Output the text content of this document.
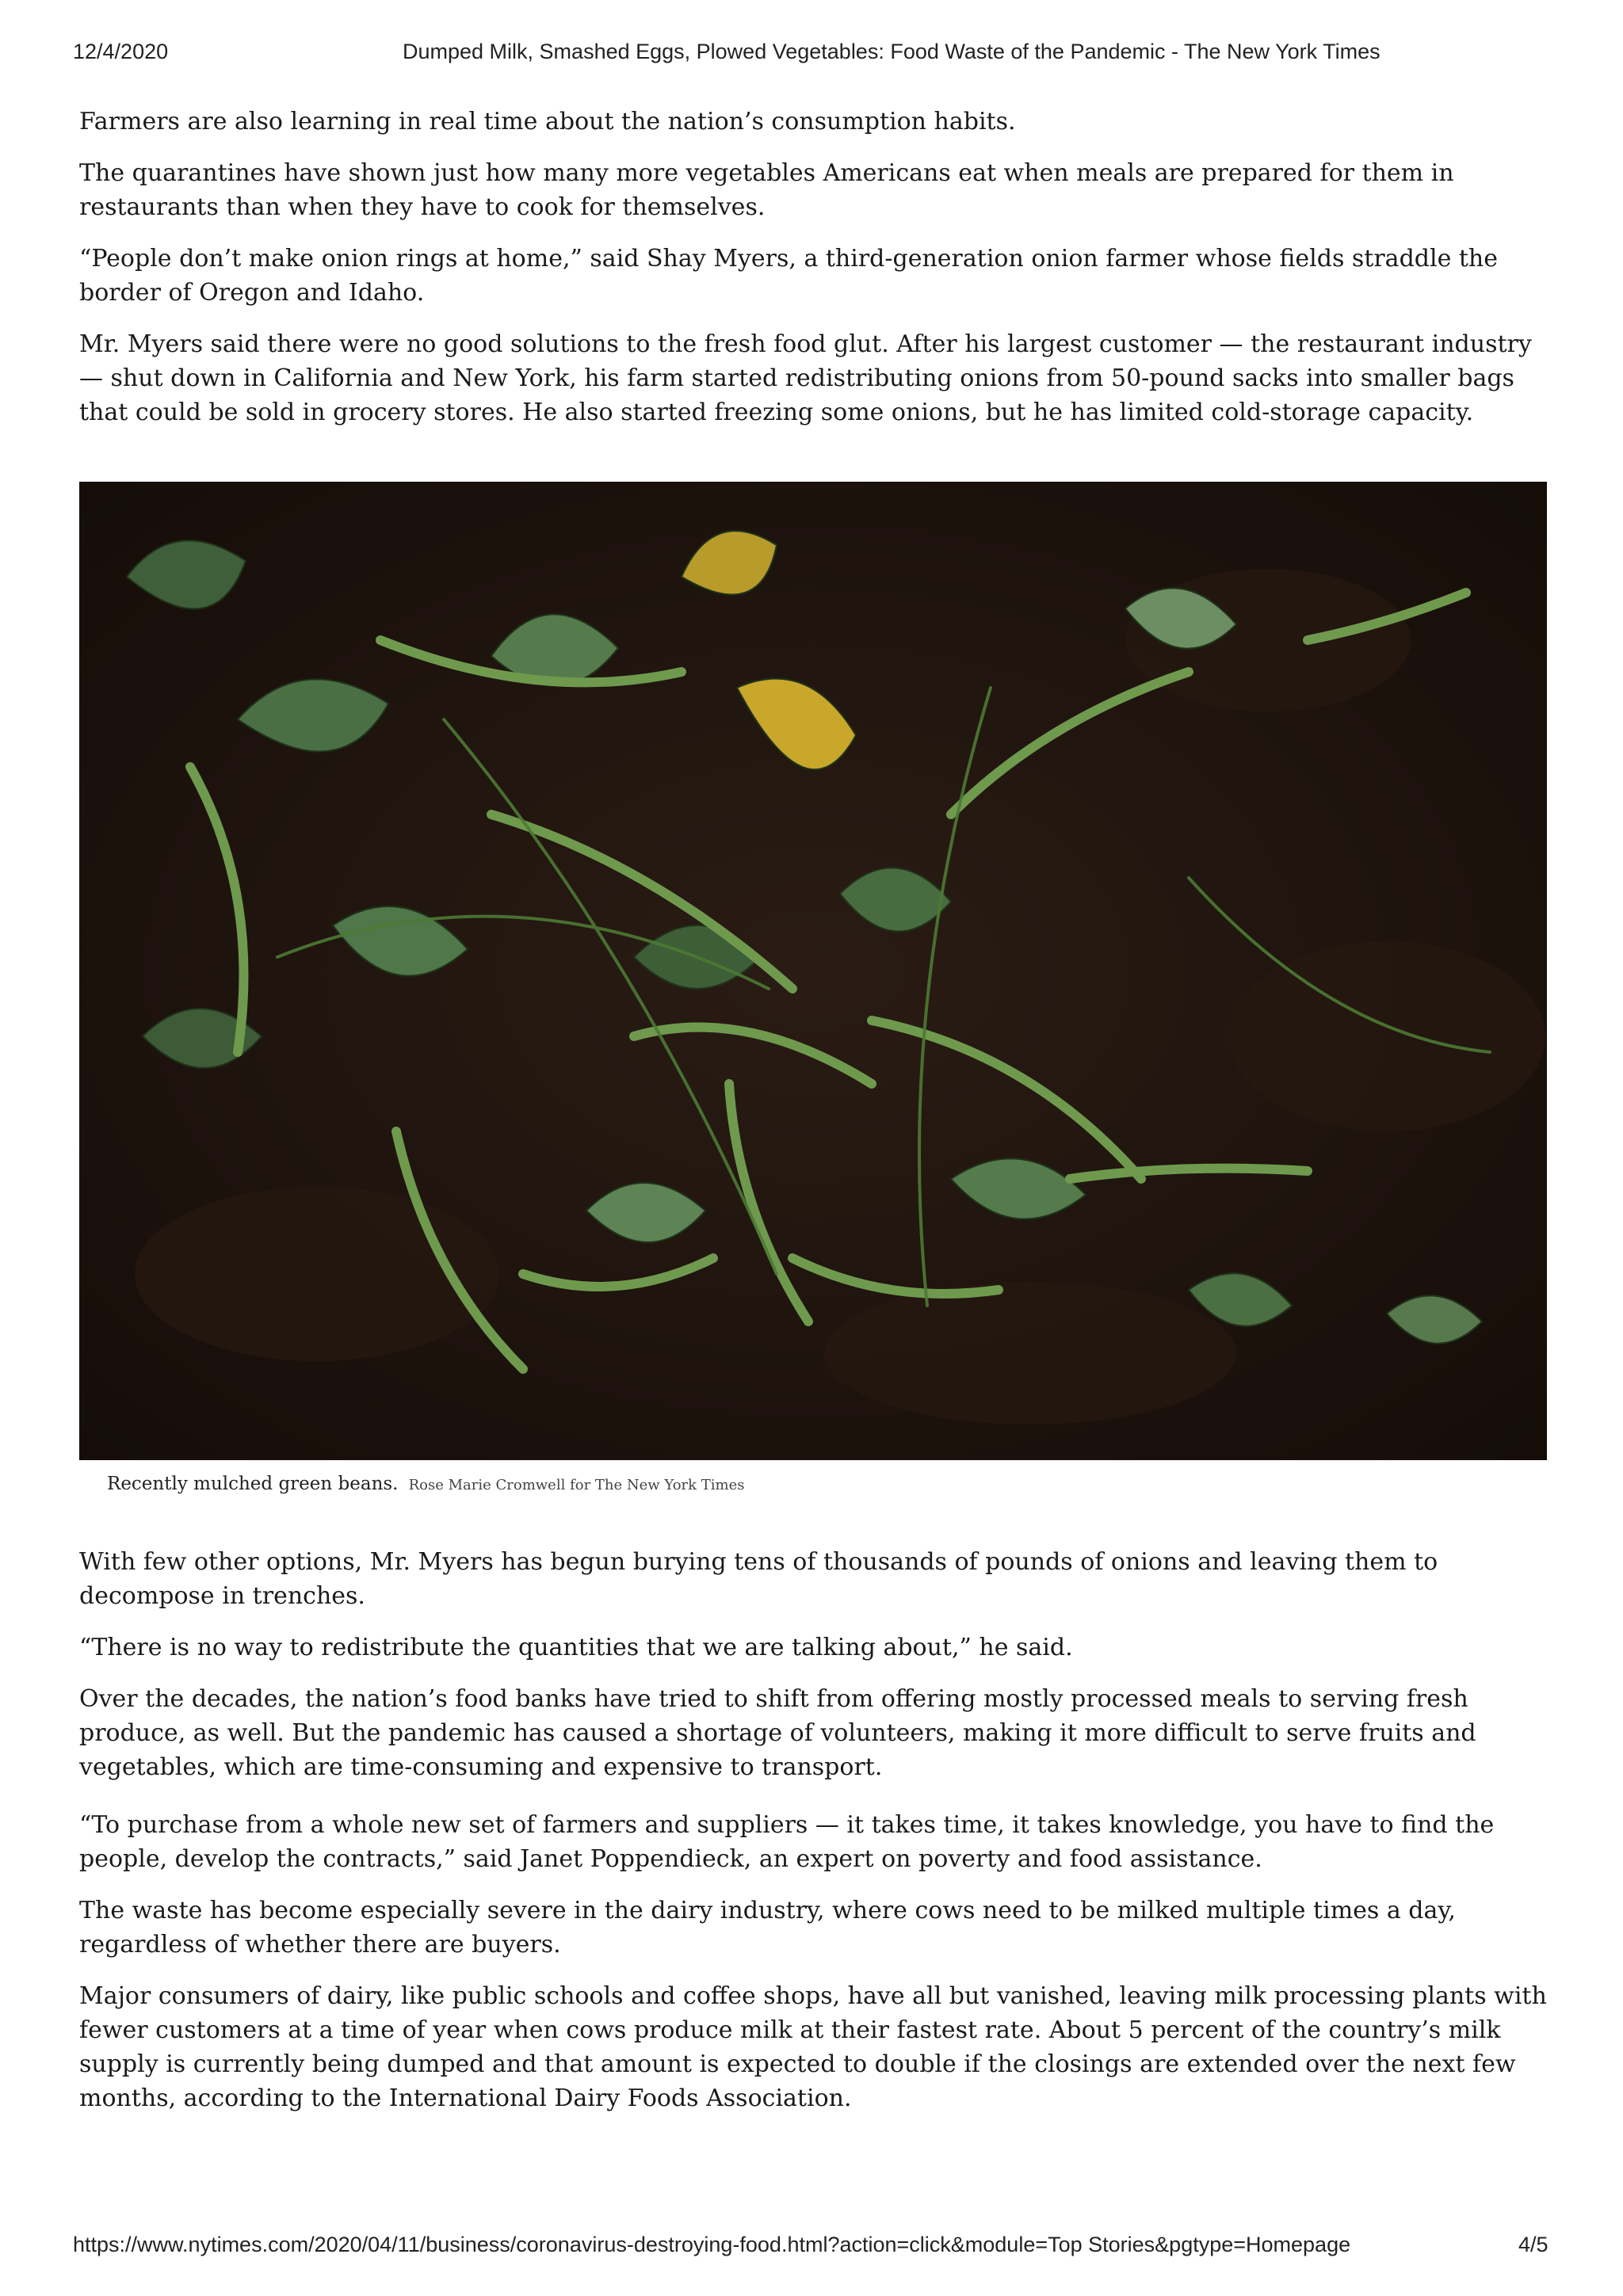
12/4/2020	Dumped Milk, Smashed Eggs, Plowed Vegetables: Food Waste of the Pandemic - The New York Times

Farmers are also learning in real time about the nation’s consumption habits.

The quarantines have shown just how many more vegetables Americans eat when meals are prepared for them in restaurants than when they have to cook for themselves.

“People don’t make onion rings at home,” said Shay Myers, a third-generation onion farmer whose fields straddle the border of Oregon and Idaho.

Mr. Myers said there were no good solutions to the fresh food glut. After his largest customer — the restaurant industry — shut down in California and New York, his farm started redistributing onions from 50-pound sacks into smaller bags that could be sold in grocery stores. He also started freezing some onions, but he has limited cold-storage capacity.

Recently mulched green beans. Rose Marie Cromwell for The New York Times

With few other options, Mr. Myers has begun burying tens of thousands of pounds of onions and leaving them to decompose in trenches.

“There is no way to redistribute the quantities that we are talking about,” he said.

Over the decades, the nation’s food banks have tried to shift from offering mostly processed meals to serving fresh produce, as well. But the pandemic has caused a shortage of volunteers, making it more difficult to serve fruits and vegetables, which are time-consuming and expensive to transport.

“To purchase from a whole new set of farmers and suppliers — it takes time, it takes knowledge, you have to find the people, develop the contracts,” said Janet Poppendieck, an expert on poverty and food assistance.

The waste has become especially severe in the dairy industry, where cows need to be milked multiple times a day, regardless of whether there are buyers.

Major consumers of dairy, like public schools and coffee shops, have all but vanished, leaving milk processing plants with fewer customers at a time of year when cows produce milk at their fastest rate. About 5 percent of the country’s milk supply is currently being dumped and that amount is expected to double if the closings are extended over the next few months, according to the International Dairy Foods Association.

https://www.nytimes.com/2020/04/11/business/coronavirus-destroying-food.html?action=click&module=Top Stories&pgtype=Homepage	4/5
